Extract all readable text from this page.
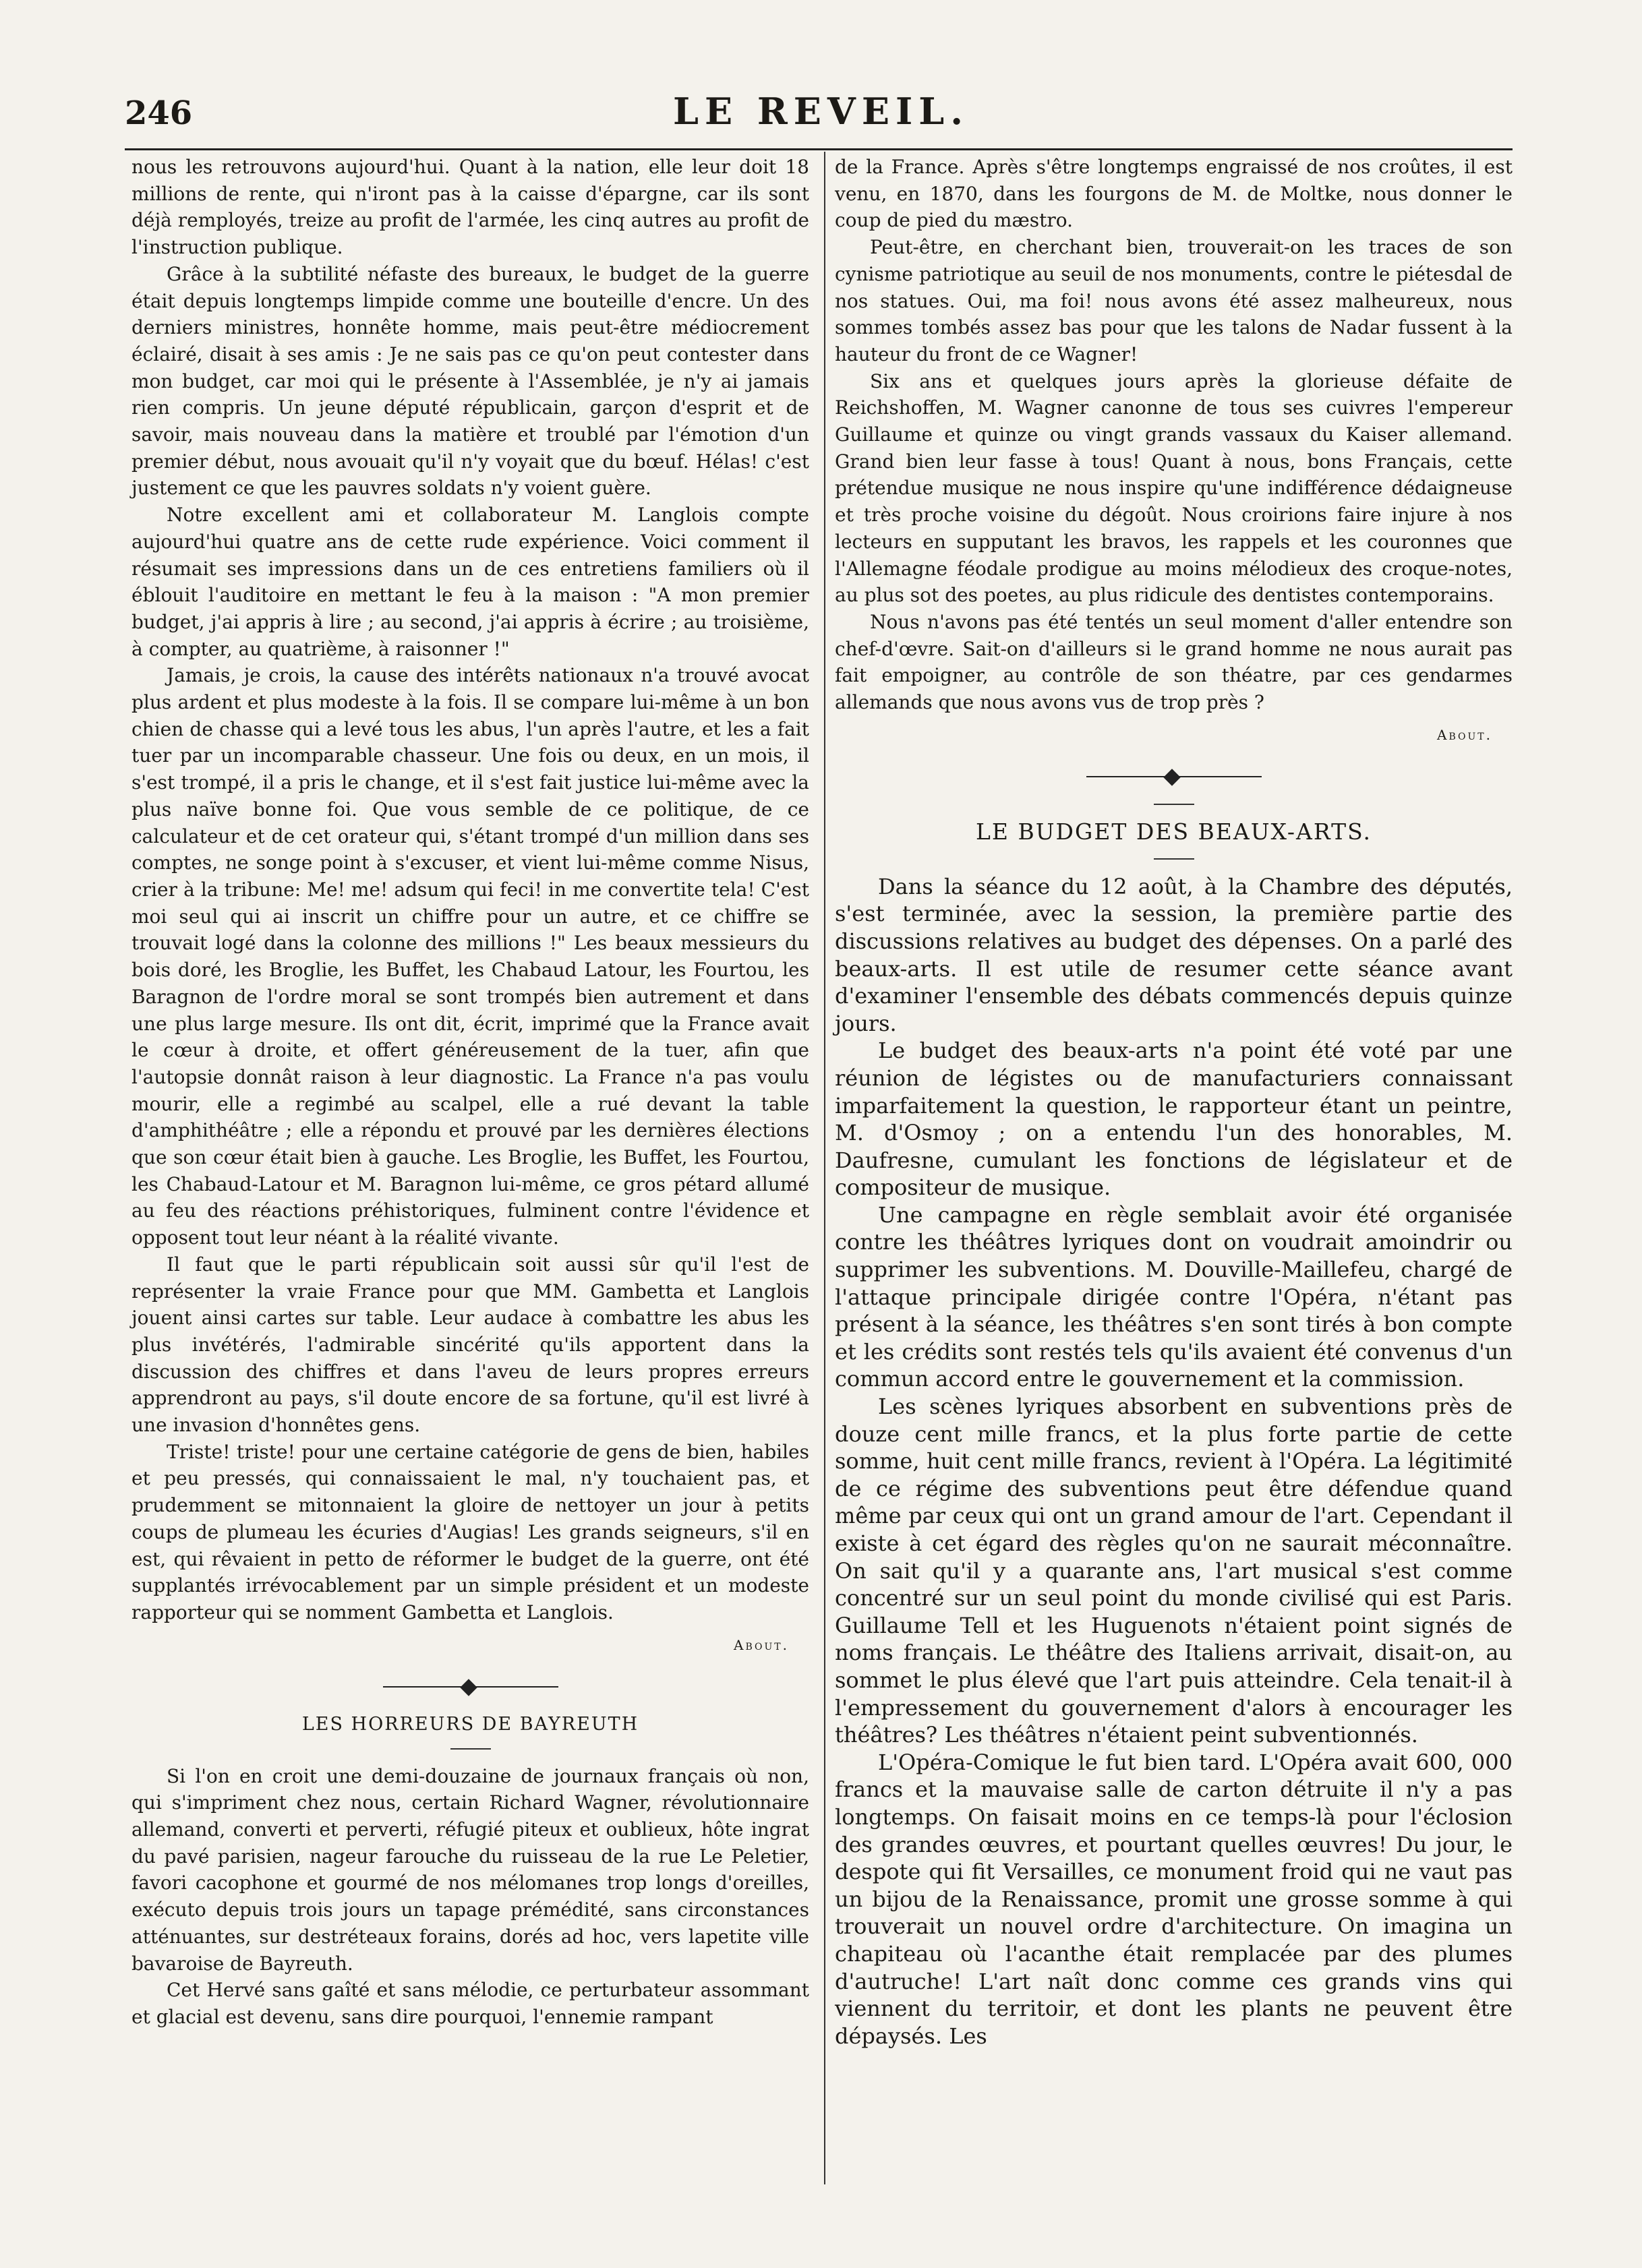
246	LE REVEIL.

nous les retrouvons aujourd'hui. Quant à la nation, elle leur doit 18 millions de rente, qui n'iront pas à la caisse d'épargne, car ils sont déjà remployés, treize au profit de l'armée, les cinq autres au profit de l'instruction publique.

Grâce à la subtilité néfaste des bureaux, le budget de la guerre était depuis longtemps limpide comme une bouteille d'encre. Un des derniers ministres, honnête homme, mais peut-être médiocrement éclairé, disait à ses amis : Je ne sais pas ce qu'on peut contester dans mon budget, car moi qui le présente à l'Assemblée, je n'y ai jamais rien compris. Un jeune député républicain, garçon d'esprit et de savoir, mais nouveau dans la matière et troublé par l'émotion d'un premier début, nous avouait qu'il n'y voyait que du bœuf. Hélas! c'est justement ce que les pauvres soldats n'y voient guère.

Notre excellent ami et collaborateur M. Langlois compte aujourd'hui quatre ans de cette rude expérience. Voici comment il résumait ses impressions dans un de ces entretiens familiers où il éblouit l'auditoire en mettant le feu à la maison : "A mon premier budget, j'ai appris à lire ; au second, j'ai appris à écrire ; au troisième, à compter, au quatrième, à raisonner !"

Jamais, je crois, la cause des intérêts nationaux n'a trouvé avocat plus ardent et plus modeste à la fois. Il se compare lui-même à un bon chien de chasse qui a levé tous les abus, l'un après l'autre, et les a fait tuer par un incomparable chasseur. Une fois ou deux, en un mois, il s'est trompé, il a pris le change, et il s'est fait justice lui-même avec la plus naïve bonne foi. Que vous semble de ce politique, de ce calculateur et de cet orateur qui, s'étant trompé d'un million dans ses comptes, ne songe point à s'excuser, et vient lui-même comme Nisus, crier à la tribune: Me! me! adsum qui feci! in me convertite tela! C'est moi seul qui ai inscrit un chiffre pour un autre, et ce chiffre se trouvait logé dans la colonne des millions !" Les beaux messieurs du bois doré, les Broglie, les Buffet, les Chabaud Latour, les Fourtou, les Baragnon de l'ordre moral se sont trompés bien autrement et dans une plus large mesure. Ils ont dit, écrit, imprimé que la France avait le cœur à droite, et offert généreusement de la tuer, afin que l'autopsie donnât raison à leur diagnostic. La France n'a pas voulu mourir, elle a regimbé au scalpel, elle a rué devant la table d'amphithéâtre ; elle a répondu et prouvé par les dernières élections que son cœur était bien à gauche. Les Broglie, les Buffet, les Fourtou, les Chabaud-Latour et M. Baragnon lui-même, ce gros pétard allumé au feu des réactions préhistoriques, fulminent contre l'évidence et opposent tout leur néant à la réalité vivante.

Il faut que le parti républicain soit aussi sûr qu'il l'est de représenter la vraie France pour que MM. Gambetta et Langlois jouent ainsi cartes sur table. Leur audace à combattre les abus les plus invétérés, l'admirable sincérité qu'ils apportent dans la discussion des chiffres et dans l'aveu de leurs propres erreurs apprendront au pays, s'il doute encore de sa fortune, qu'il est livré à une invasion d'honnêtes gens.

Triste! triste! pour une certaine catégorie de gens de bien, habiles et peu pressés, qui connaissaient le mal, n'y touchaient pas, et prudemment se mitonnaient la gloire de nettoyer un jour à petits coups de plumeau les écuries d'Augias! Les grands seigneurs, s'il en est, qui rêvaient in petto de réformer le budget de la guerre, ont été supplantés irrévocablement par un simple président et un modeste rapporteur qui se nomment Gambetta et Langlois.

About.
LES HORREURS DE BAYREUTH

Si l'on en croit une demi-douzaine de journaux français où non, qui s'impriment chez nous, certain Richard Wagner, révolutionnaire allemand, converti et perverti, réfugié piteux et oublieux, hôte ingrat du pavé parisien, nageur farouche du ruisseau de la rue Le Peletier, favori cacophone et gourmé de nos mélomanes trop longs d'oreilles, exécuto depuis trois jours un tapage prémédité, sans circonstances atténuantes, sur destréteaux forains, dorés ad hoc, vers lapetite ville bavaroise de Bayreuth.

Cet Hervé sans gaîté et sans mélodie, ce perturbateur assommant et glacial est devenu, sans dire pourquoi, l'ennemie rampant

de la France. Après s'être longtemps engraissé de nos croûtes, il est venu, en 1870, dans les fourgons de M. de Moltke, nous donner le coup de pied du mæstro.

Peut-être, en cherchant bien, trouverait-on les traces de son cynisme patriotique au seuil de nos monuments, contre le piétesdal de nos statues. Oui, ma foi! nous avons été assez malheureux, nous sommes tombés assez bas pour que les talons de Nadar fussent à la hauteur du front de ce Wagner!

Six ans et quelques jours après la glorieuse défaite de Reichshoffen, M. Wagner canonne de tous ses cuivres l'empereur Guillaume et quinze ou vingt grands vassaux du Kaiser allemand. Grand bien leur fasse à tous! Quant à nous, bons Français, cette prétendue musique ne nous inspire qu'une indifférence dédaigneuse et très proche voisine du dégoût. Nous croirions faire injure à nos lecteurs en supputant les bravos, les rappels et les couronnes que l'Allemagne féodale prodigue au moins mélodieux des croque-notes, au plus sot des poetes, au plus ridicule des dentistes contemporains.

Nous n'avons pas été tentés un seul moment d'aller entendre son chef-d'œvre. Sait-on d'ailleurs si le grand homme ne nous aurait pas fait empoigner, au contrôle de son théatre, par ces gendarmes allemands que nous avons vus de trop près ?

About.
LE BUDGET DES BEAUX-ARTS.

Dans la séance du 12 août, à la Chambre des députés, s'est terminée, avec la session, la première partie des discussions relatives au budget des dépenses. On a parlé des beaux-arts. Il est utile de resumer cette séance avant d'examiner l'ensemble des débats commencés depuis quinze jours.

Le budget des beaux-arts n'a point été voté par une réunion de légistes ou de manufacturiers connaissant imparfaitement la question, le rapporteur étant un peintre, M. d'Osmoy ; on a entendu l'un des honorables, M. Daufresne, cumulant les fonctions de législateur et de compositeur de musique.

Une campagne en règle semblait avoir été organisée contre les théâtres lyriques dont on voudrait amoindrir ou supprimer les subventions. M. Douville-Maillefeu, chargé de l'attaque principale dirigée contre l'Opéra, n'étant pas présent à la séance, les théâtres s'en sont tirés à bon compte et les crédits sont restés tels qu'ils avaient été convenus d'un commun accord entre le gouvernement et la commission.

Les scènes lyriques absorbent en subventions près de douze cent mille francs, et la plus forte partie de cette somme, huit cent mille francs, revient à l'Opéra. La légitimité de ce régime des subventions peut être défendue quand même par ceux qui ont un grand amour de l'art. Cependant il existe à cet égard des règles qu'on ne saurait méconnaître. On sait qu'il y a quarante ans, l'art musical s'est comme concentré sur un seul point du monde civilisé qui est Paris. Guillaume Tell et les Huguenots n'étaient point signés de noms français. Le théâtre des Italiens arrivait, disait-on, au sommet le plus élevé que l'art puis atteindre. Cela tenait-il à l'empressement du gouvernement d'alors à encourager les théâtres? Les théâtres n'étaient peint subventionnés.

L'Opéra-Comique le fut bien tard. L'Opéra avait 600, 000 francs et la mauvaise salle de carton détruite il n'y a pas longtemps. On faisait moins en ce temps-là pour l'éclosion des grandes œuvres, et pourtant quelles œuvres! Du jour, le despote qui fit Versailles, ce monument froid qui ne vaut pas un bijou de la Renaissance, promit une grosse somme à qui trouverait un nouvel ordre d'architecture. On imagina un chapiteau où l'acanthe était remplacée par des plumes d'autruche! L'art naît donc comme ces grands vins qui viennent du territoir, et dont les plants ne peuvent être dépaysés. Les
